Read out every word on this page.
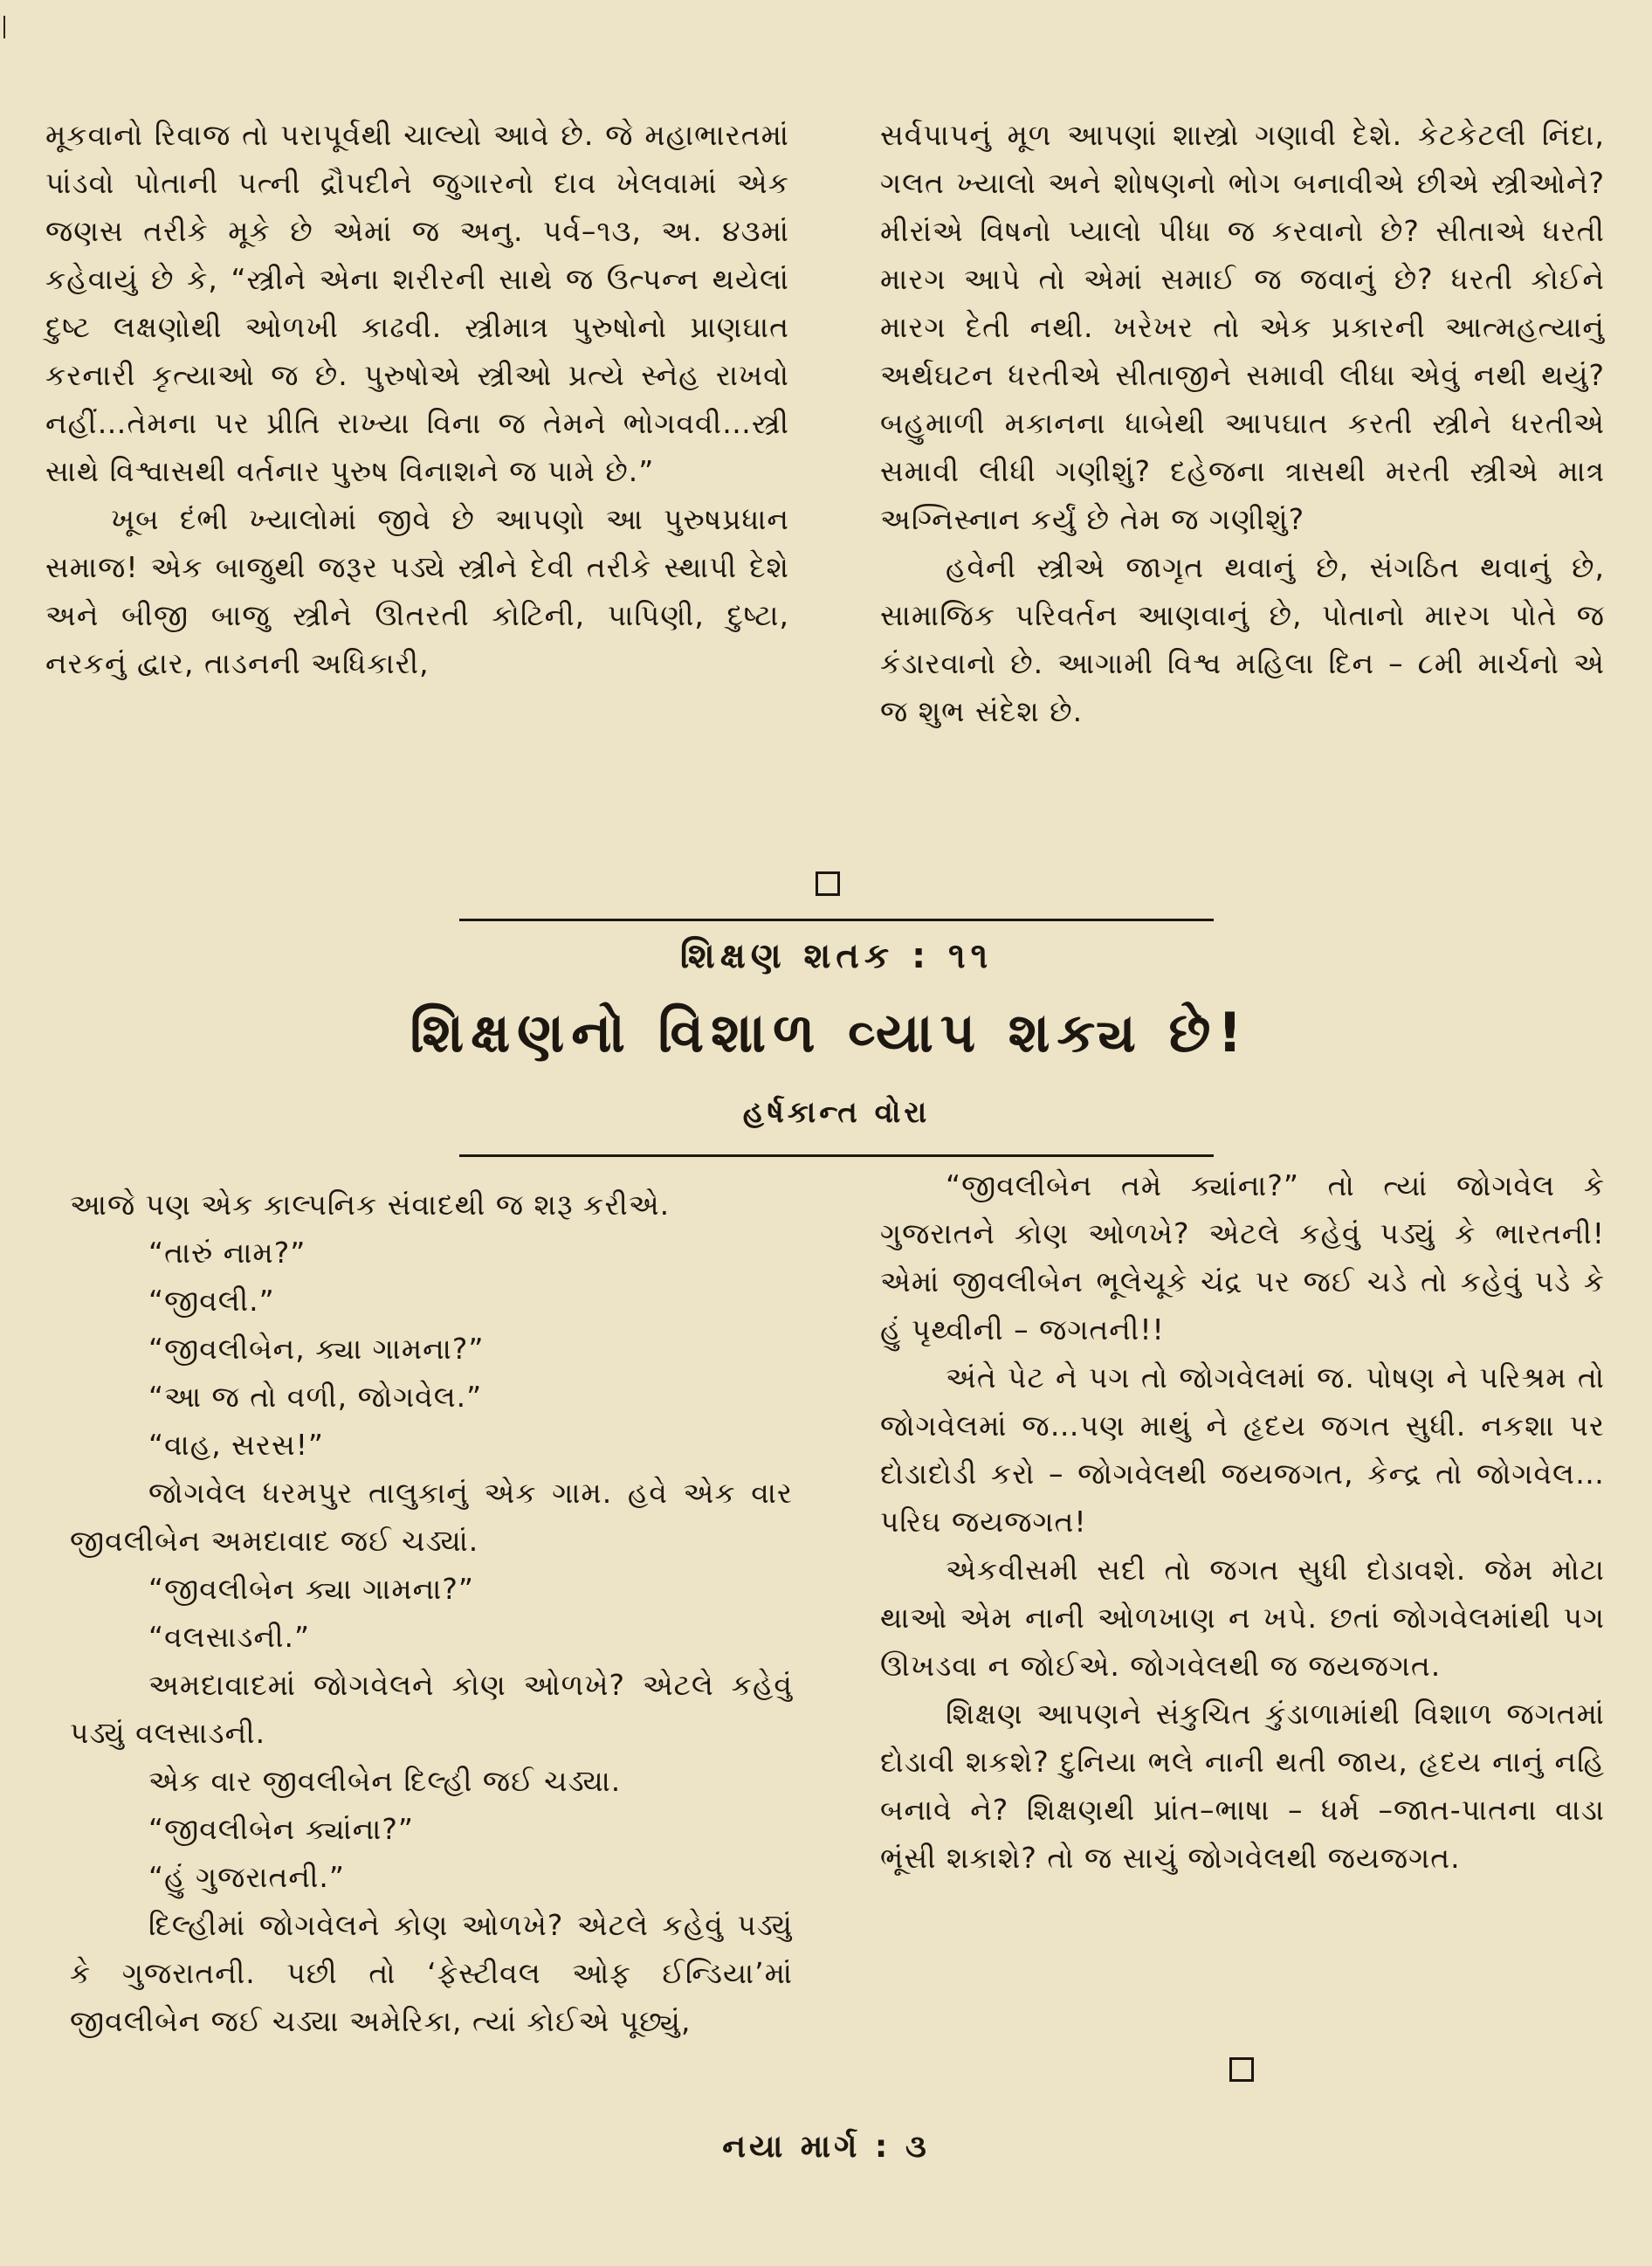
મૂકવાનો રિવાજ તો પરાપૂર્વથી ચાલ્યો આવે છે. જે મહાભારતમાં પાંડવો પોતાની પત્ની દ્રૌપદીને જુગારનો દાવ ખેલવામાં એક જણસ તરીકે મૂકે છે એમાં જ અનુ. પર્વ–૧૩, અ. ૪૩માં કહેવાયું છે કે, “સ્ત્રીને એના શરીરની સાથે જ ઉત્પન્ન થયેલાં દુષ્ટ લક્ષણોથી ઓળખી કાઢવી. સ્ત્રીમાત્ર પુરુષોનો પ્રાણઘાત કરનારી કૃત્યાઓ જ છે. પુરુષોએ સ્ત્રીઓ પ્રત્યે સ્નેહ રાખવો નહીં…તેમના પર પ્રીતિ રાખ્યા વિના જ તેમને ભોગવવી…સ્ત્રી સાથે વિશ્વાસથી વર્તનાર પુરુષ વિનાશને જ પામે છે.”

ખૂબ દંભી ખ્યાલોમાં જીવે છે આપણો આ પુરુષપ્રધાન સમાજ! એક બાજુથી જરૂર પડ્યે સ્ત્રીને દેવી તરીકે સ્થાપી દેશે અને બીજી બાજુ સ્ત્રીને ઊતરતી કોટિની, પાપિણી, દુષ્ટા, નરકનું દ્વાર, તાડનની અધિકારી,

સર્વપાપનું મૂળ આપણાં શાસ્ત્રો ગણાવી દેશે. કેટકેટલી નિંદા, ગલત ખ્યાલો અને શોષણનો ભોગ બનાવીએ છીએ સ્ત્રીઓને? મીરાંએ વિષનો પ્યાલો પીધા જ કરવાનો છે? સીતાએ ધરતી મારગ આપે તો એમાં સમાઈ જ જવાનું છે? ધરતી કોઈને મારગ દેતી નથી. ખરેખર તો એક પ્રકારની આત્મહત્યાનું અર્થઘટન ધરતીએ સીતાજીને સમાવી લીધા એવું નથી થયું? બહુમાળી મકાનના ધાબેથી આપઘાત કરતી સ્ત્રીને ધરતીએ સમાવી લીધી ગણીશું? દહેજના ત્રાસથી મરતી સ્ત્રીએ માત્ર અગ્નિસ્નાન કર્યું છે તેમ જ ગણીશું?

હવેની સ્ત્રીએ જાગૃત થવાનું છે, સંગઠિત થવાનું છે, સામાજિક પરિવર્તન આણવાનું છે, પોતાનો મારગ પોતે જ કંડારવાનો છે. આગામી વિશ્વ મહિલા દિન – ૮મી માર્ચનો એ જ શુભ સંદેશ છે.

શિક્ષણ શતક : ૧૧
શિક્ષણનો વિશાળ વ્યાપ શક્ય છે!
હર્ષકાન્ત વોરા

આજે પણ એક કાલ્પનિક સંવાદથી જ શરૂ કરીએ.

“તારું નામ?”

“જીવલી.”

“જીવલીબેન, ક્યા ગામના?”

“આ જ તો વળી, જોગવેલ.”

“વાહ, સરસ!”

જોગવેલ ધરમપુર તાલુકાનું એક ગામ. હવે એક વાર જીવલીબેન અમદાવાદ જઈ ચડ્યાં.

“જીવલીબેન ક્યા ગામના?”

“વલસાડની.”

અમદાવાદમાં જોગવેલને કોણ ઓળખે? એટલે કહેવું પડ્યું વલસાડની.

એક વાર જીવલીબેન દિલ્હી જઈ ચડ્યા.

“જીવલીબેન ક્યાંના?”

“હું ગુજરાતની.”

દિલ્હીમાં જોગવેલને કોણ ઓળખે? એટલે કહેવું પડ્યું કે ગુજરાતની. પછી તો ‘ફેસ્ટીવલ ઓફ ઈન્ડિયા’માં જીવલીબેન જઈ ચડ્યા અમેરિકા, ત્યાં કોઈએ પૂછ્યું,

“જીવલીબેન તમે ક્યાંના?” તો ત્યાં જોગવેલ કે ગુજરાતને કોણ ઓળખે? એટલે કહેવું પડ્યું કે ભારતની! એમાં જીવલીબેન ભૂલેચૂકે ચંદ્ર પર જઈ ચડે તો કહેવું પડે કે હું પૃથ્વીની – જગતની!!

અંતે પેટ ને પગ તો જોગવેલમાં જ. પોષણ ને પરિશ્રમ તો જોગવેલમાં જ…પણ માથું ને હૃદય જગત સુધી. નકશા પર દોડાદોડી કરો – જોગવેલથી જયજગત, કેન્દ્ર તો જોગવેલ…પરિઘ જયજગત!

એકવીસમી સદી તો જગત સુધી દોડાવશે. જેમ મોટા થાઓ એમ નાની ઓળખાણ ન ખપે. છતાં જોગવેલમાંથી પગ ઊખડવા ન જોઈએ. જોગવેલથી જ જયજગત.

શિક્ષણ આપણને સંકુચિત કુંડાળામાંથી વિશાળ જગતમાં દોડાવી શકશે? દુનિયા ભલે નાની થતી જાય, હૃદય નાનું નહિ બનાવે ને? શિક્ષણથી પ્રાંત–ભાષા – ધર્મ –જાત-પાતના વાડા ભૂંસી શકાશે? તો જ સાચું જોગવેલથી જયજગત.

નયા માર્ગ : ૩
